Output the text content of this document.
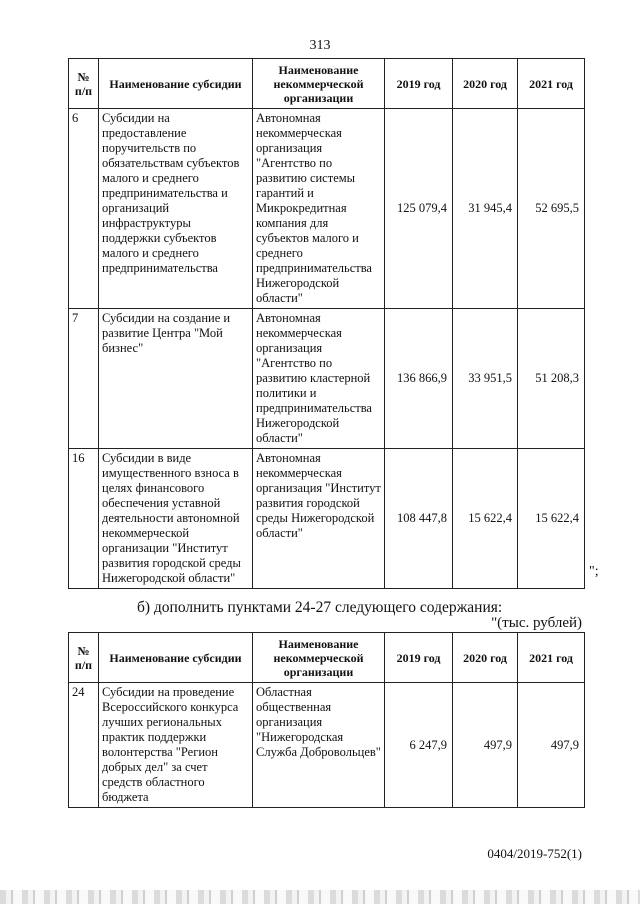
313
№ п/п	Наименование субсидии	Наименование некоммерческой организации	2019 год	2020 год	2021 год
6	Субсидии на предоставление поручительств по обязательствам субъектов малого и среднего предпринимательства и организаций инфраструктуры поддержки субъектов малого и среднего предпринимательства	Автономная некоммерческая организация "Агентство по развитию системы гарантий и Микрокредитная компания для субъектов малого и среднего предпринимательства Нижегородской области"	125 079,4	31 945,4	52 695,5
7	Субсидии на создание и развитие Центра "Мой бизнес"	Автономная некоммерческая организация "Агентство по развитию кластерной политики и предпринимательства Нижегородской области"	136 866,9	33 951,5	51 208,3
16	Субсидии в виде имущественного взноса в целях финансового обеспечения уставной деятельности автономной некоммерческой организации "Институт развития городской среды Нижегородской области"	Автономная некоммерческая организация "Институт развития городской среды Нижегородской области"	108 447,8	15 622,4	15 622,4
";
б) дополнить пунктами 24-27 следующего содержания:
"(тыс. рублей)
№ п/п	Наименование субсидии	Наименование некоммерческой организации	2019 год	2020 год	2021 год
24	Субсидии на проведение Всероссийского конкурса лучших региональных практик поддержки волонтерства "Регион добрых дел" за счет средств областного бюджета	Областная общественная организация "Нижегородская Служба Добровольцев"	6 247,9	497,9	497,9
0404/2019-752(1)
